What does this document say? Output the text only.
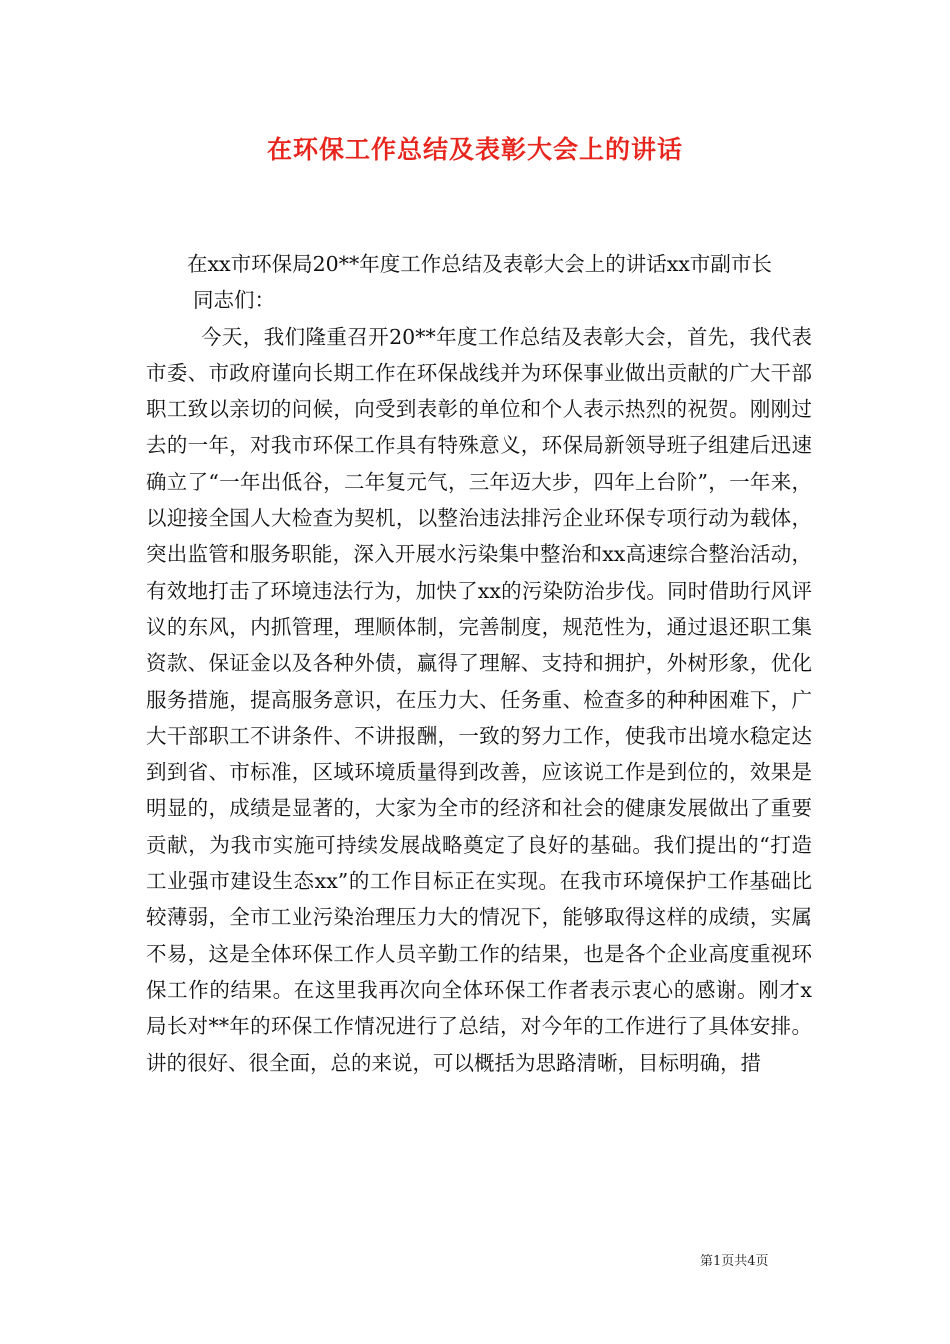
在环保工作总结及表彰大会上的讲话

在xx市环保局20**年度工作总结及表彰大会上的讲话xx市副市长

同志们：

今天，我们隆重召开20**年度工作总结及表彰大会，首先，我代表市委、市政府谨向长期工作在环保战线并为环保事业做出贡献的广大干部职工致以亲切的问候，向受到表彰的单位和个人表示热烈的祝贺。刚刚过去的一年，对我市环保工作具有特殊意义，环保局新领导班子组建后迅速确立了“一年出低谷，二年复元气，三年迈大步，四年上台阶”，一年来，以迎接全国人大检查为契机，以整治违法排污企业环保专项行动为载体，突出监管和服务职能，深入开展水污染集中整治和xx高速综合整治活动，有效地打击了环境违法行为，加快了xx的污染防治步伐。同时借助行风评议的东风，内抓管理，理顺体制，完善制度，规范性为，通过退还职工集资款、保证金以及各种外债，赢得了理解、支持和拥护，外树形象，优化服务措施，提高服务意识，在压力大、任务重、检查多的种种困难下，广大干部职工不讲条件、不讲报酬，一致的努力工作，使我市出境水稳定达到到省、市标准，区域环境质量得到改善，应该说工作是到位的，效果是明显的，成绩是显著的，大家为全市的经济和社会的健康发展做出了重要贡献，为我市实施可持续发展战略奠定了良好的基础。我们提出的“打造工业强市建设生态xx”的工作目标正在实现。在我市环境保护工作基础比较薄弱，全市工业污染治理压力大的情况下，能够取得这样的成绩，实属不易，这是全体环保工作人员辛勤工作的结果，也是各个企业高度重视环保工作的结果。在这里我再次向全体环保工作者表示衷心的感谢。刚才x局长对**年的环保工作情况进行了总结，对今年的工作进行了具体安排。讲的很好、很全面，总的来说，可以概括为思路清晰，目标明确，措

第1页共4页
